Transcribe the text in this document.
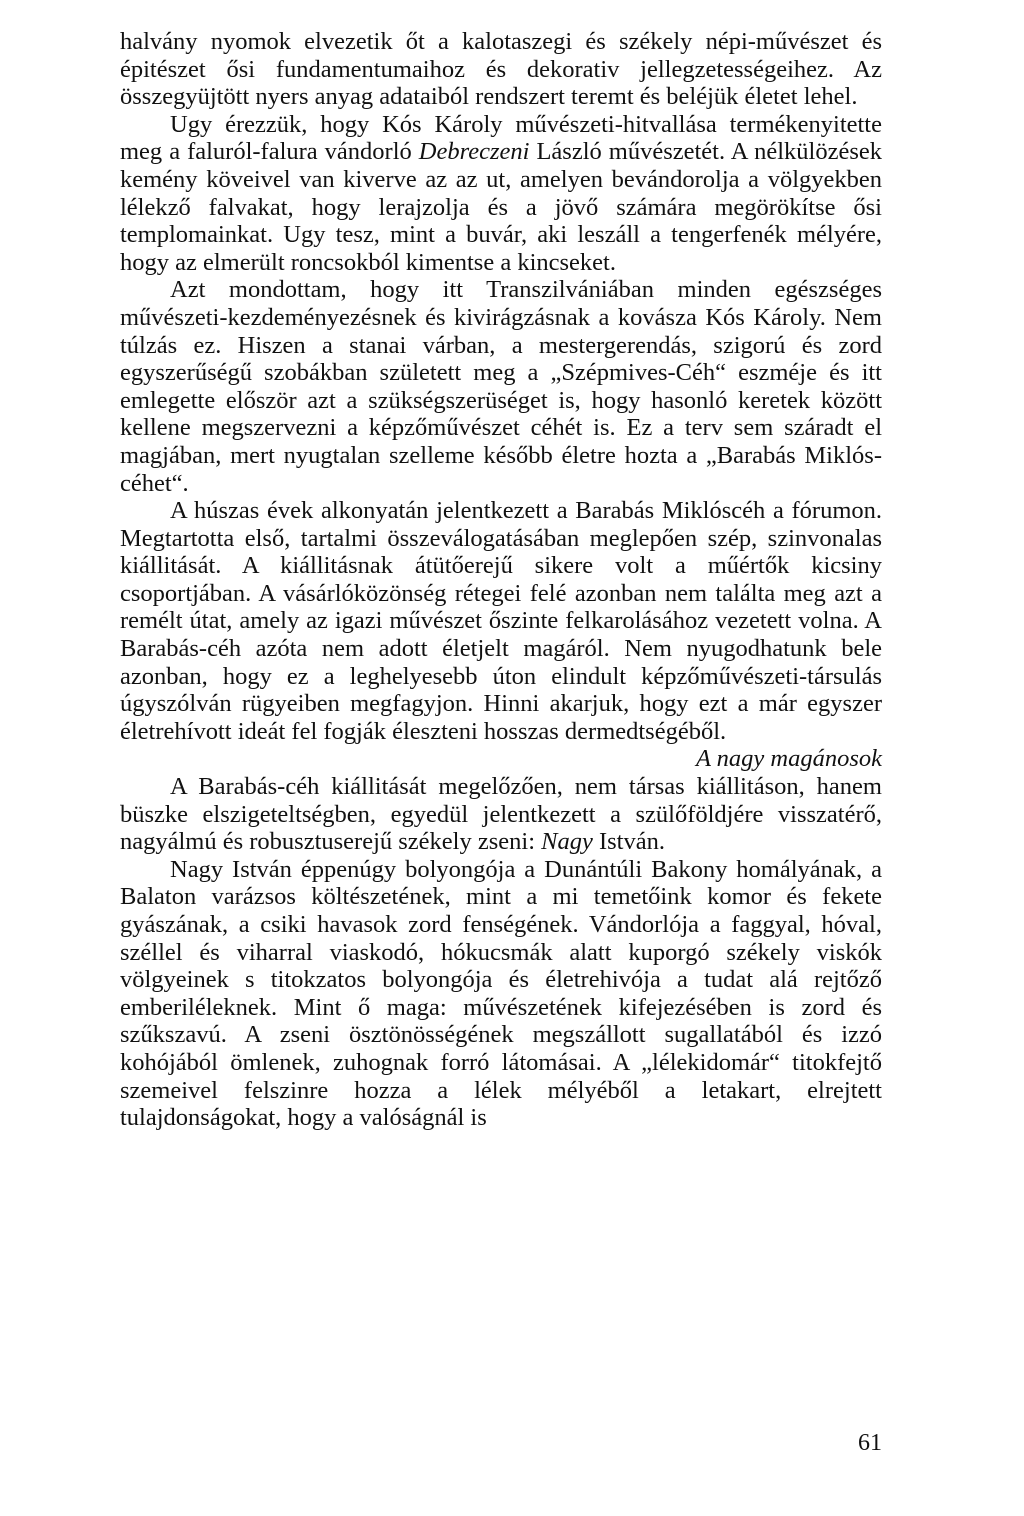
halvány nyomok elvezetik őt a kalotaszegi és székely népi-művészet és épitészet ősi fundamentumaihoz és dekorativ jellegzetességeihez. Az összegyüjtött nyers anyag adataiból rendszert teremt és beléjük életet lehel.

Ugy érezzük, hogy Kós Károly művészeti-hitvallása termékenyitette meg a faluról-falura vándorló Debreczeni László művészetét. A nélkülözések kemény köveivel van kiverve az az ut, amelyen bevándorolja a völgyekben lélekző falvakat, hogy lerajzolja és a jövő számára megörökítse ősi templomainkat. Ugy tesz, mint a buvár, aki leszáll a tengerfenék mélyére, hogy az elmerült roncsokból kimentse a kincseket.

Azt mondottam, hogy itt Transzilvániában minden egészséges művészeti-kezdeményezésnek és kivirágzásnak a kovásza Kós Károly. Nem túlzás ez. Hiszen a stanai várban, a mestergerendás, szigorú és zord egyszerűségű szobákban született meg a „Szépmives-Céh“ eszméje és itt emlegette először azt a szükségszerüséget is, hogy hasonló keretek között kellene megszervezni a képzőművészet céhét is. Ez a terv sem száradt el magjában, mert nyugtalan szelleme később életre hozta a „Barabás Miklós-céhet“.

A húszas évek alkonyatán jelentkezett a Barabás Miklóscéh a fórumon. Megtartotta első, tartalmi összeválogatásában meglepően szép, szinvonalas kiállitását. A kiállitásnak átütőerejű sikere volt a műértők kicsiny csoportjában. A vásárlóközönség rétegei felé azonban nem találta meg azt a remélt útat, amely az igazi művészet őszinte felkarolásához vezetett volna. A Barabás-céh azóta nem adott életjelt magáról. Nem nyugodhatunk bele azonban, hogy ez a leghelyesebb úton elindult képzőművészeti-társulás úgyszólván rügyeiben megfagyjon. Hinni akarjuk, hogy ezt a már egyszer életrehívott ideát fel fogják éleszteni hosszas dermedtségéből.

A nagy magánosok

A Barabás-céh kiállitását megelőzően, nem társas kiállitáson, hanem büszke elszigeteltségben, egyedül jelentkezett a szülőföldjére visszatérő, nagyálmú és robusztuserejű székely zseni: Nagy István.

Nagy István éppenúgy bolyongója a Dunántúli Bakony homályának, a Balaton varázsos költészetének, mint a mi temetőink komor és fekete gyászának, a csiki havasok zord fenségének. Vándorlója a faggyal, hóval, széllel és viharral viaskodó, hókucsmák alatt kuporgó székely viskók völgyeinek s titokzatos bolyongója és életrehivója a tudat alá rejtőző emberiléleknek. Mint ő maga: művészetének kifejezésében is zord és szűkszavú. A zseni ösztönösségének megszállott sugallatából és izzó kohójából ömlenek, zuhognak forró látomásai. A „lélekidomár“ titokfejtő szemeivel felszinre hozza a lélek mélyéből a letakart, elrejtett tulajdonságokat, hogy a valóságnál is

61
